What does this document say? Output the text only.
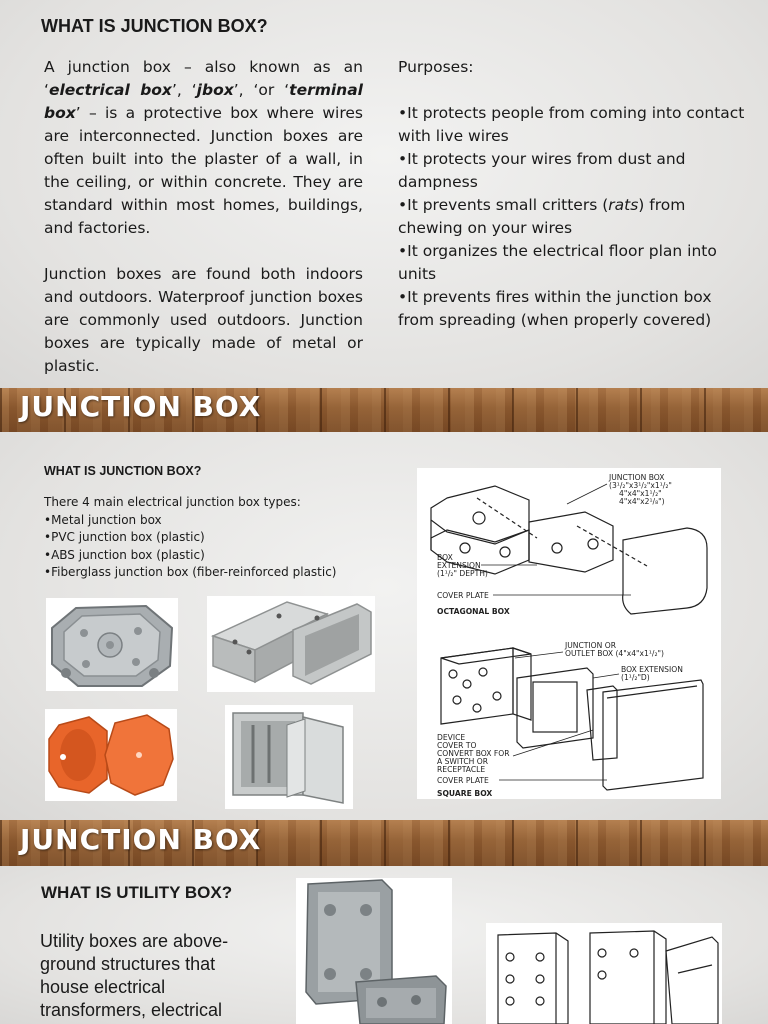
WHAT IS JUNCTION BOX?

A junction box – also known as an ‘electrical box’, ‘jbox’, ‘or ‘terminal box’ – is a protective box where wires are interconnected. Junction boxes are often built into the plaster of a wall, in the ceiling, or within concrete. They are standard within most homes, buildings, and factories.

Junction boxes are found both indoors and outdoors. Waterproof junction boxes are commonly used outdoors. Junction boxes are typically made of metal or plastic.

Purposes:

•It protects people from coming into contact with live wires

•It protects your wires from dust and dampness

•It prevents small critters (rats) from chewing on your wires

•It organizes the electrical floor plan into units

•It prevents fires within the junction box from spreading (when properly covered)

JUNCTION BOX
WHAT IS JUNCTION BOX?
There 4 main electrical junction box types:
•Metal junction box
•PVC junction box (plastic)
•ABS junction box (plastic)
•Fiberglass junction box (fiber-reinforced plastic)
JUNCTION BOX
(3¹/₂"x3¹/₂"x1¹/₂"
4"x4"x1¹/₂"
4"x4"x2¹/₈")
BOX
EXTENSION
(1¹/₂" DEPTH)
COVER PLATE
OCTAGONAL BOX
JUNCTION OR
OUTLET BOX (4"x4"x1¹/₂")
BOX EXTENSION
(1¹/₂"D)
DEVICE
COVER TO
CONVERT BOX FOR
A SWITCH OR
RECEPTACLE
COVER PLATE
SQUARE BOX
JUNCTION BOX
WHAT IS UTILITY BOX?
Utility boxes are above-ground structures that house electrical transformers, electrical
